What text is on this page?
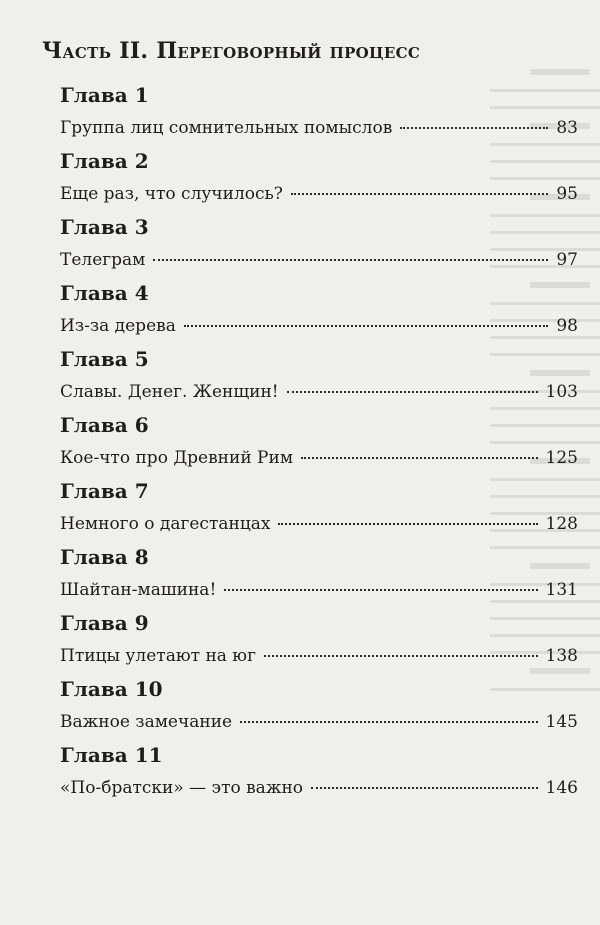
Часть II. Переговорный процесс
Глава 1
Группа лиц сомнительных помыслов	83
Глава 2
Еще раз, что случилось?	95
Глава 3
Телеграм	97
Глава 4
Из-за дерева	98
Глава 5
Славы. Денег. Женщин!	103
Глава 6
Кое-что про Древний Рим	125
Глава 7
Немного о дагестанцах	128
Глава 8
Шайтан-машина!	131
Глава 9
Птицы улетают на юг	138
Глава 10
Важное замечание	145
Глава 11
«По-братски» — это важно	146
